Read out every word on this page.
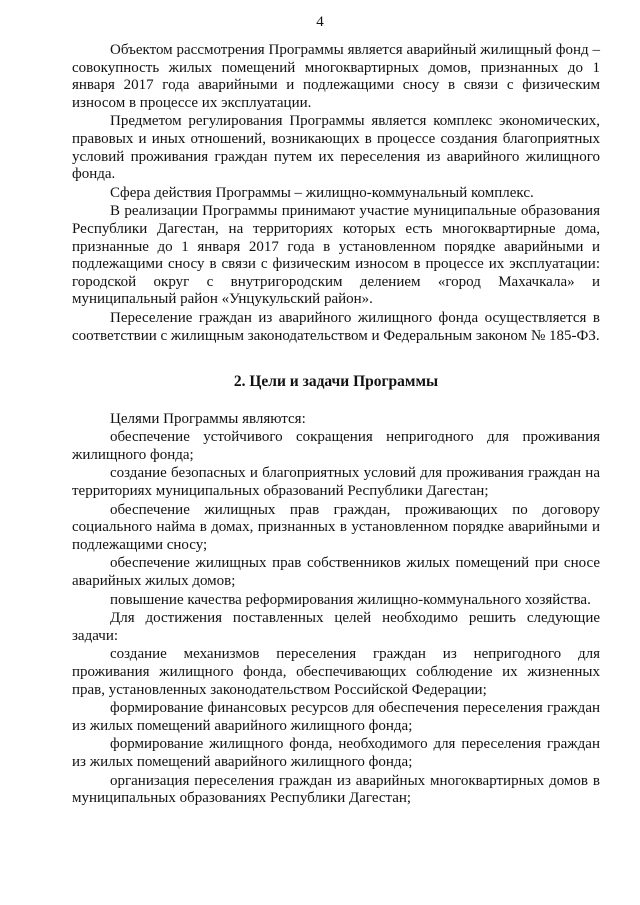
4

Объектом рассмотрения Программы является аварийный жилищный фонд – совокупность жилых помещений многоквартирных домов, признанных до 1 января 2017 года аварийными и подлежащими сносу в связи с физическим износом в процессе их эксплуатации.

Предметом регулирования Программы является комплекс экономических, правовых и иных отношений, возникающих в процессе создания благоприятных условий проживания граждан путем их переселения из аварийного жилищного фонда.

Сфера действия Программы – жилищно-коммунальный комплекс.

В реализации Программы принимают участие муниципальные образования Республики Дагестан, на территориях которых есть многоквартирные дома, признанные до 1 января 2017 года в установленном порядке аварийными и подлежащими сносу в связи с физическим износом в процессе их эксплуатации: городской округ с внутригородским делением «город Махачкала» и муниципальный район «Унцукульский район».

Переселение граждан из аварийного жилищного фонда осуществляется в соответствии с жилищным законодательством и Федеральным законом № 185-ФЗ.

2. Цели и задачи Программы

Целями Программы являются:

обеспечение устойчивого сокращения непригодного для проживания жилищного фонда;

создание безопасных и благоприятных условий для проживания граждан на территориях муниципальных образований Республики Дагестан;

обеспечение жилищных прав граждан, проживающих по договору социального найма в домах, признанных в установленном порядке аварийными и подлежащими сносу;

обеспечение жилищных прав собственников жилых помещений при сносе аварийных жилых домов;

повышение качества реформирования жилищно-коммунального хозяйства.

Для достижения поставленных целей необходимо решить следующие задачи:

создание механизмов переселения граждан из непригодного для проживания жилищного фонда, обеспечивающих соблюдение их жизненных прав, установленных законодательством Российской Федерации;

формирование финансовых ресурсов для обеспечения переселения граждан из жилых помещений аварийного жилищного фонда;

формирование жилищного фонда, необходимого для переселения граждан из жилых помещений аварийного жилищного фонда;

организация переселения граждан из аварийных многоквартирных домов в муниципальных образованиях Республики Дагестан;
